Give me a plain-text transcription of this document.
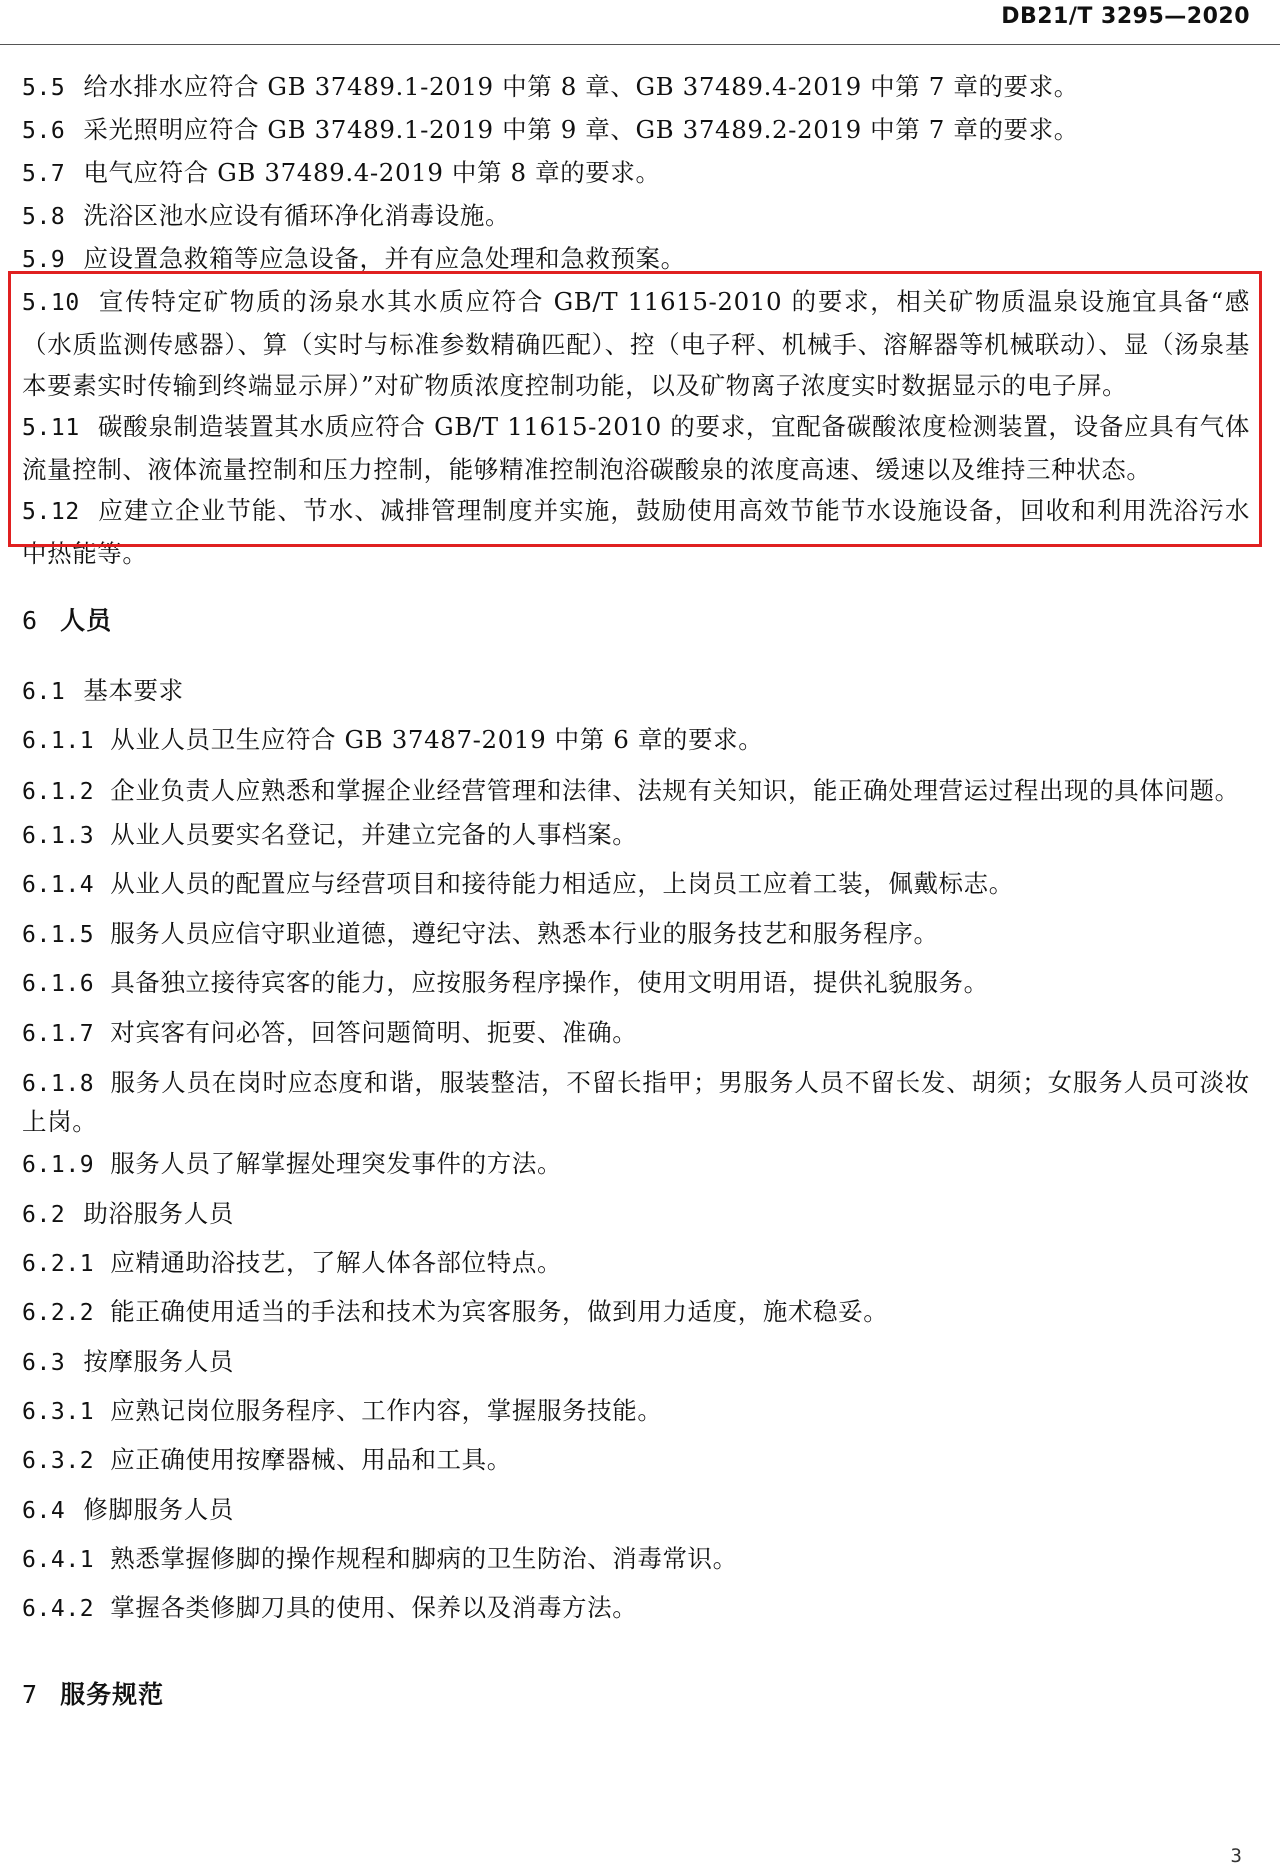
DB21/T 3295—2020

5.5 给水排水应符合 GB 37489.1-2019 中第 8 章、GB 37489.4-2019 中第 7 章的要求。

5.6 采光照明应符合 GB 37489.1-2019 中第 9 章、GB 37489.2-2019 中第 7 章的要求。

5.7 电气应符合 GB 37489.4-2019 中第 8 章的要求。

5.8 洗浴区池水应设有循环净化消毒设施。

5.9 应设置急救箱等应急设备，并有应急处理和急救预案。

5.10 宣传特定矿物质的汤泉水其水质应符合 GB/T 11615-2010 的要求，相关矿物质温泉设施宜具备“感（水质监测传感器）、算（实时与标准参数精确匹配）、控（电子秤、机械手、溶解器等机械联动）、显（汤泉基本要素实时传输到终端显示屏）”对矿物质浓度控制功能，以及矿物离子浓度实时数据显示的电子屏。

5.11 碳酸泉制造装置其水质应符合 GB/T 11615-2010 的要求，宜配备碳酸浓度检测装置，设备应具有气体流量控制、液体流量控制和压力控制，能够精准控制泡浴碳酸泉的浓度高速、缓速以及维持三种状态。

5.12 应建立企业节能、节水、减排管理制度并实施，鼓励使用高效节能节水设施设备，回收和利用洗浴污水中热能等。

6 人员

6.1 基本要求

6.1.1 从业人员卫生应符合 GB 37487-2019 中第 6 章的要求。

6.1.2 企业负责人应熟悉和掌握企业经营管理和法律、法规有关知识，能正确处理营运过程出现的具体问题。

6.1.3 从业人员要实名登记，并建立完备的人事档案。

6.1.4 从业人员的配置应与经营项目和接待能力相适应，上岗员工应着工装，佩戴标志。

6.1.5 服务人员应信守职业道德，遵纪守法、熟悉本行业的服务技艺和服务程序。

6.1.6 具备独立接待宾客的能力，应按服务程序操作，使用文明用语，提供礼貌服务。

6.1.7 对宾客有问必答，回答问题简明、扼要、准确。

6.1.8 服务人员在岗时应态度和谐，服装整洁，不留长指甲；男服务人员不留长发、胡须；女服务人员可淡妆上岗。

6.1.9 服务人员了解掌握处理突发事件的方法。

6.2 助浴服务人员

6.2.1 应精通助浴技艺，了解人体各部位特点。

6.2.2 能正确使用适当的手法和技术为宾客服务，做到用力适度，施术稳妥。

6.3 按摩服务人员

6.3.1 应熟记岗位服务程序、工作内容，掌握服务技能。

6.3.2 应正确使用按摩器械、用品和工具。

6.4 修脚服务人员

6.4.1 熟悉掌握修脚的操作规程和脚病的卫生防治、消毒常识。

6.4.2 掌握各类修脚刀具的使用、保养以及消毒方法。

7 服务规范

3
